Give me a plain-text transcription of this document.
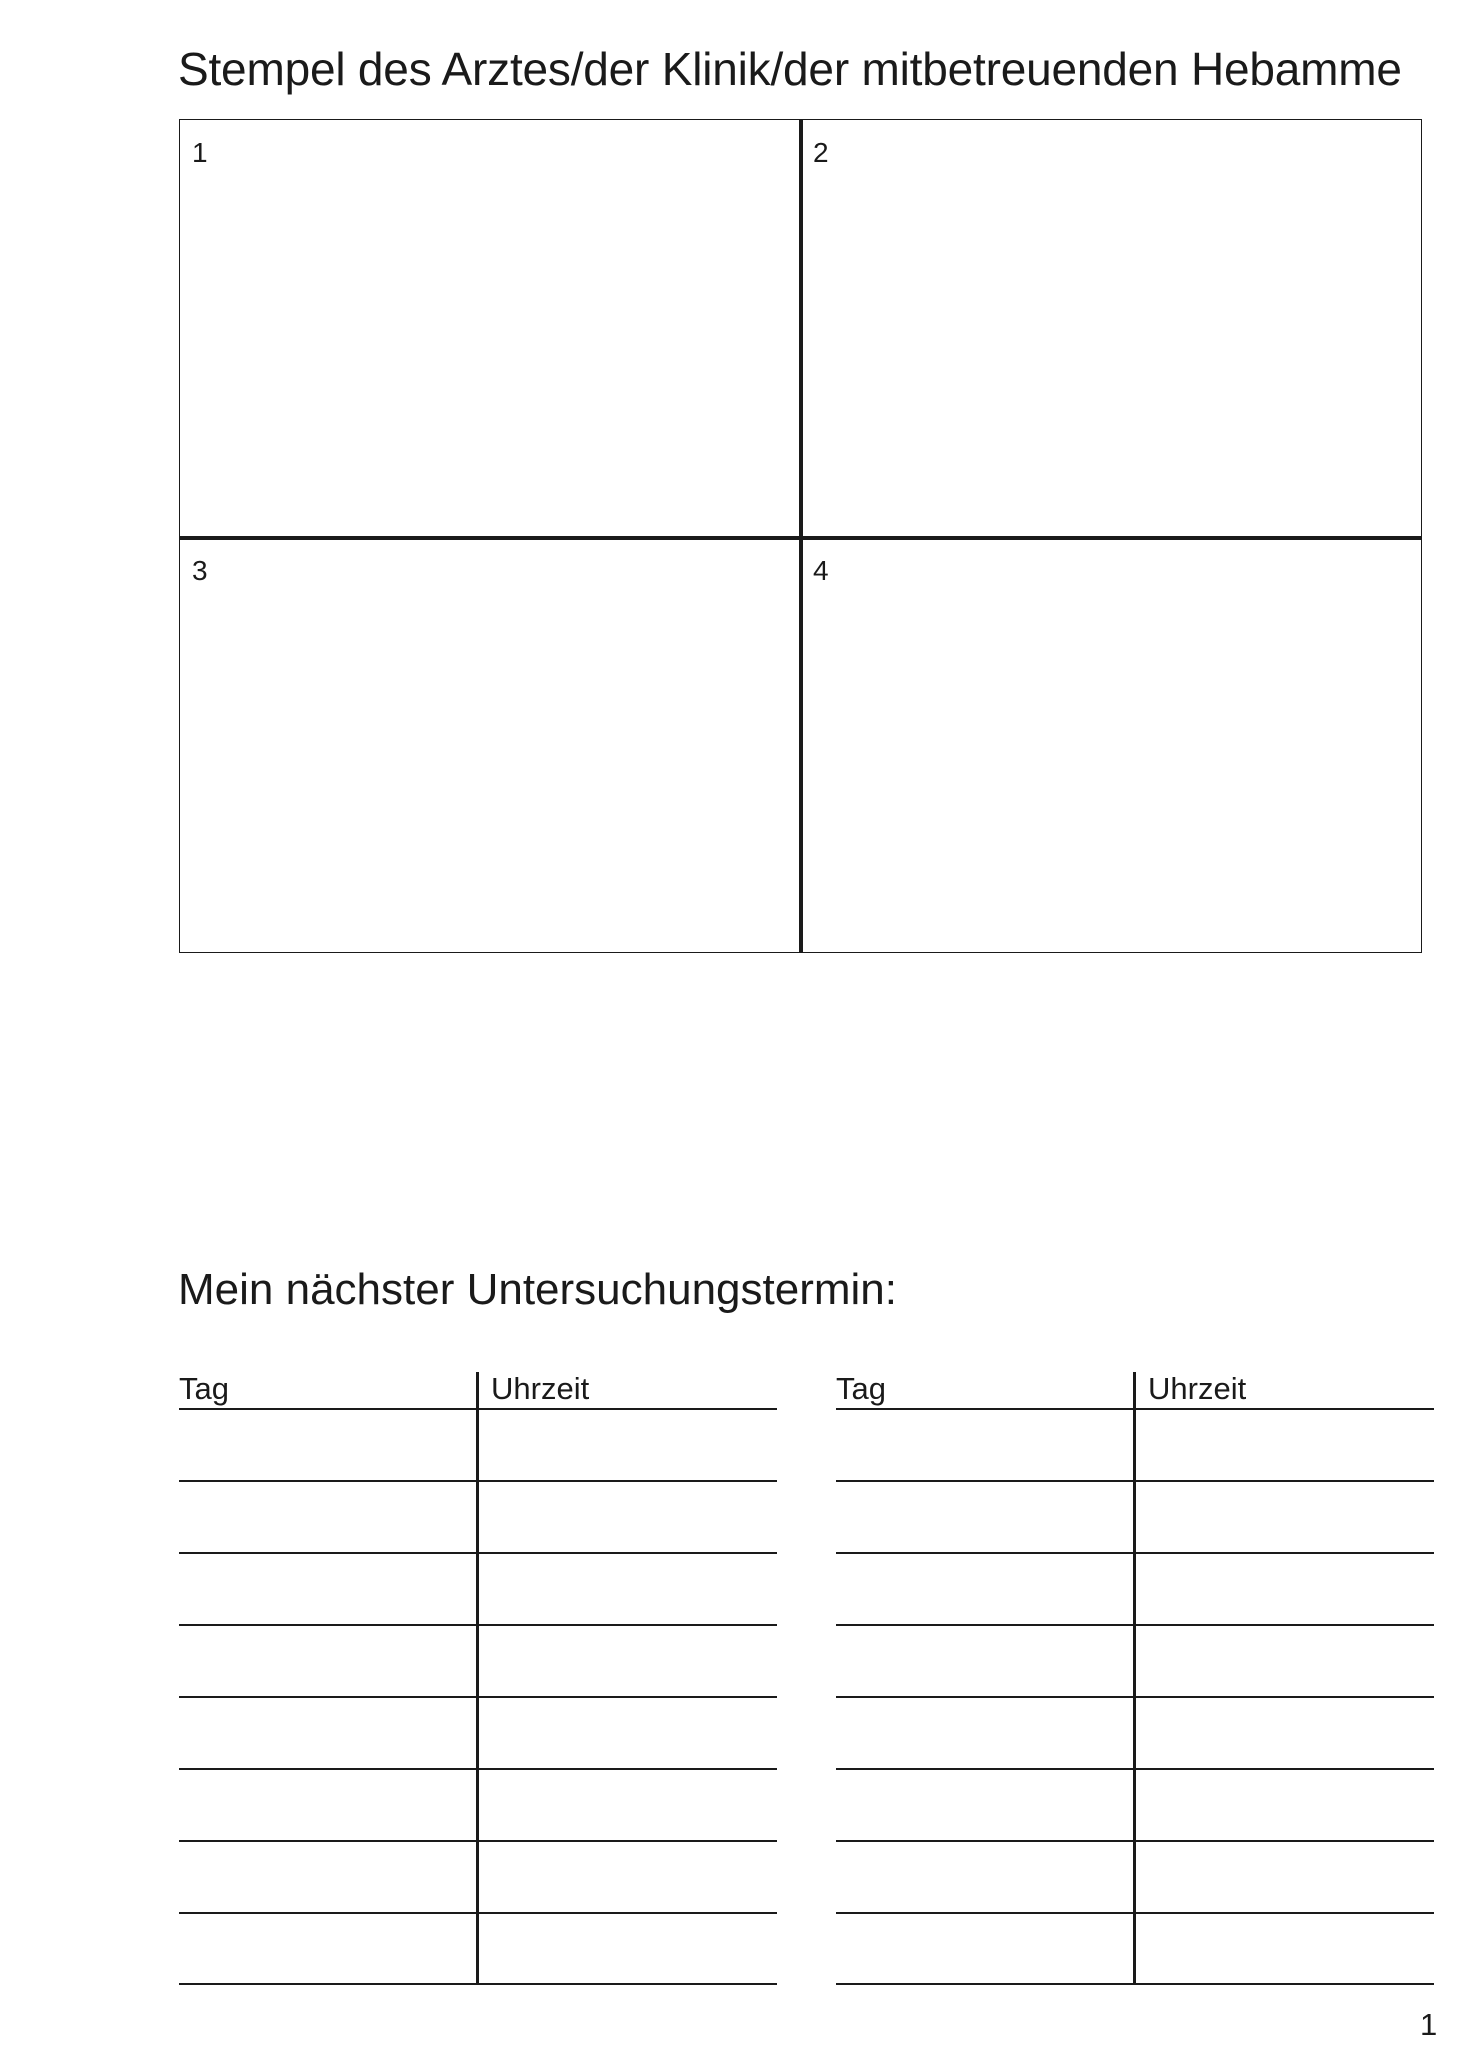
Stempel des Arztes/der Klinik/der mitbetreuenden Hebamme
1	2
3	4
Mein nächster Untersuchungstermin:
Tag	Uhrzeit	Tag	Uhrzeit
1
